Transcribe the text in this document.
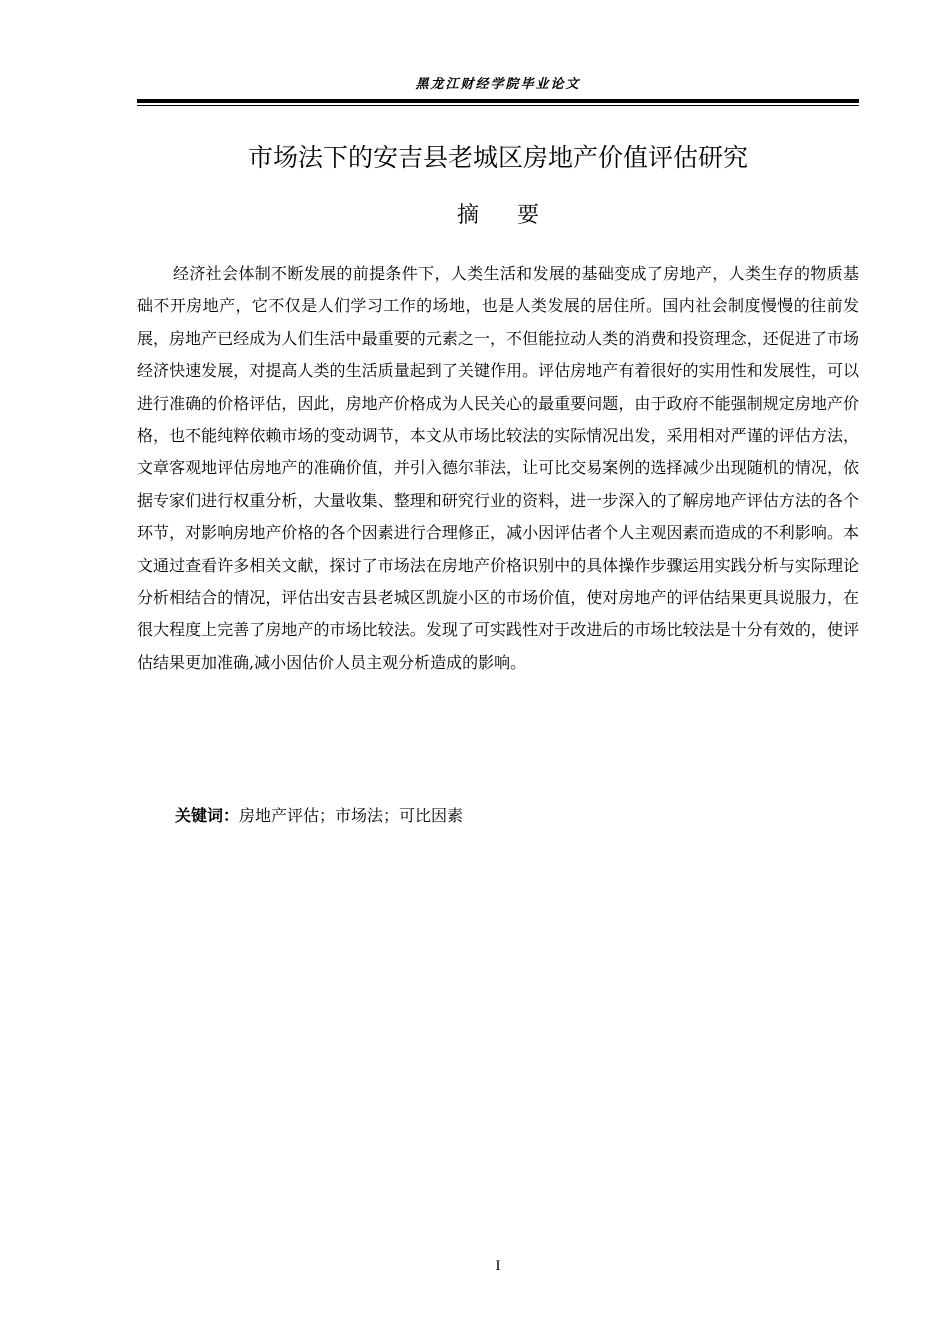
黑龙江财经学院毕业论文
市场法下的安吉县老城区房地产价值评估研究
摘要

经济社会体制不断发展的前提条件下，人类生活和发展的基础变成了房地产，人类生存的物质基础不开房地产，它不仅是人们学习工作的场地，也是人类发展的居住所。国内社会制度慢慢的往前发展，房地产已经成为人们生活中最重要的元素之一，不但能拉动人类的消费和投资理念，还促进了市场经济快速发展，对提高人类的生活质量起到了关键作用。评估房地产有着很好的实用性和发展性，可以进行准确的价格评估，因此，房地产价格成为人民关心的最重要问题，由于政府不能强制规定房地产价格，也不能纯粹依赖市场的变动调节，本文从市场比较法的实际情况出发，采用相对严谨的评估方法，文章客观地评估房地产的准确价值，并引入德尔菲法，让可比交易案例的选择减少出现随机的情况，依据专家们进行权重分析，大量收集、整理和研究行业的资料，进一步深入的了解房地产评估方法的各个环节，对影响房地产价格的各个因素进行合理修正，减小因评估者个人主观因素而造成的不利影响。本文通过查看许多相关文献，探讨了市场法在房地产价格识别中的具体操作步骤运用实践分析与实际理论分析相结合的情况，评估出安吉县老城区凯旋小区的市场价值，使对房地产的评估结果更具说服力，在很大程度上完善了房地产的市场比较法。发现了可实践性对于改进后的市场比较法是十分有效的，使评估结果更加准确,减小因估价人员主观分析造成的影响。

关键词：房地产评估；市场法；可比因素
I
